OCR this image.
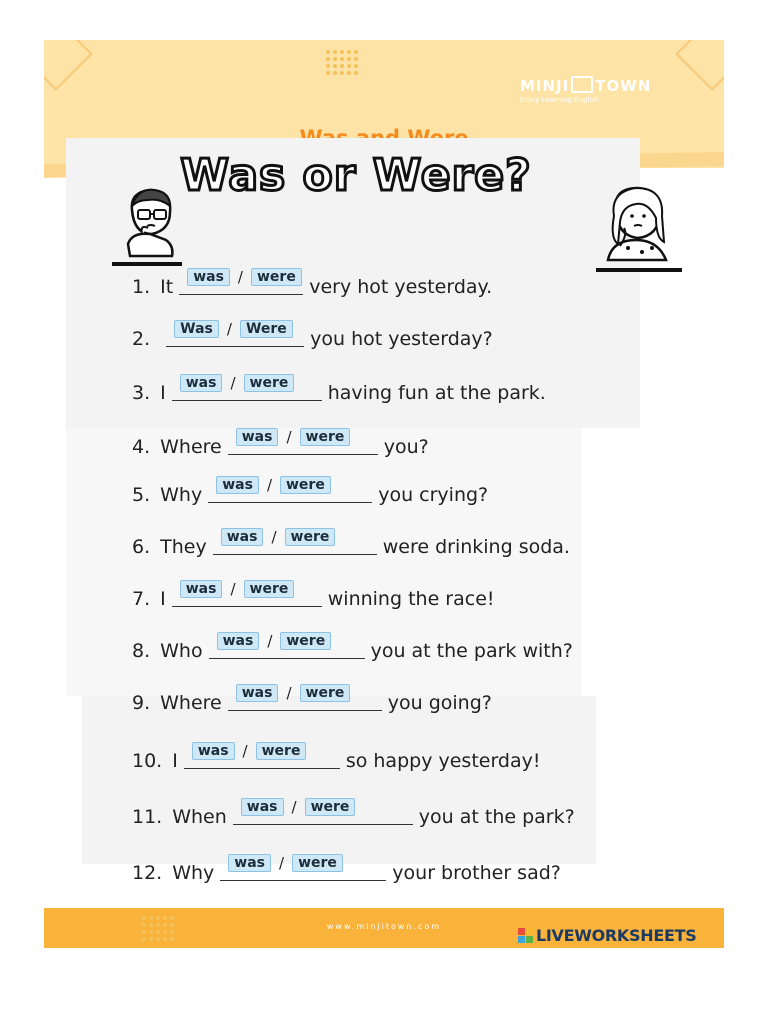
MINJI TOWN
Enjoy Learning English
Was or Were?
1. It	was /	were very hot yesterday.
2.	Was /	Were	you hot yesterday?
3. I	was /	were	having fun at the park.
4. Where	was /	were	you?
5. Why	was /	were	you crying?
6. They	was /	were	were drinking soda.
7. I	was /	were	winning the race!
8. Who	was /	were	you at the park with?
9. Where	was /	were	you going?
10. I	was /	were	so happy yesterday!
11. When	was /	were	you at the park?
12. Why	was /	were	your brother sad?
www.minjitown.com	LIVEWORKSHEETS
